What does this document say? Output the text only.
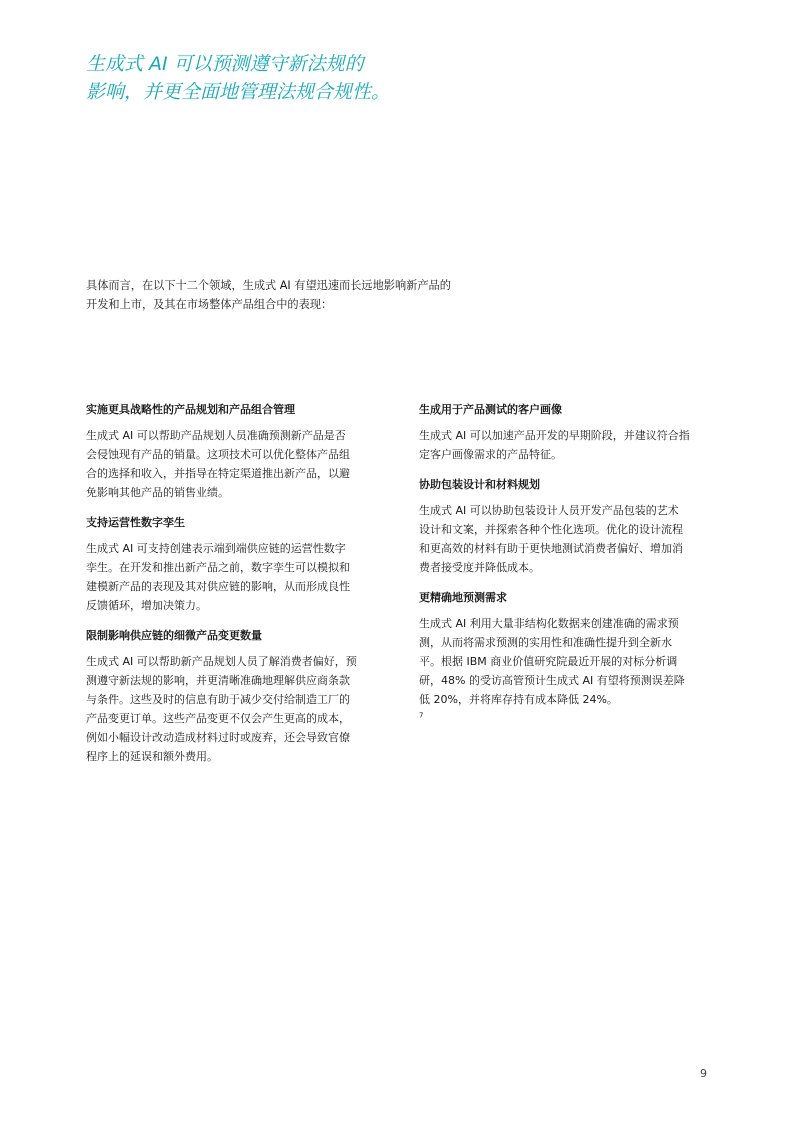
生成式 AI 可以预测遵守新法规的
影响，并更全面地管理法规合规性。

具体而言，在以下十二个领域，生成式 AI 有望迅速而长远地影响新产品的
开发和上市，及其在市场整体产品组合中的表现：

实施更具战略性的产品规划和产品组合管理

生成式 AI 可以帮助产品规划人员准确预测新产品是否
会侵蚀现有产品的销量。这项技术可以优化整体产品组
合的选择和收入，并指导在特定渠道推出新产品，以避
免影响其他产品的销售业绩。

支持运营性数字孪生

生成式 AI 可支持创建表示端到端供应链的运营性数字
孪生。在开发和推出新产品之前，数字孪生可以模拟和
建模新产品的表现及其对供应链的影响，从而形成良性
反馈循环，增加决策力。

限制影响供应链的细微产品变更数量

生成式 AI 可以帮助新产品规划人员了解消费者偏好，预
测遵守新法规的影响，并更清晰准确地理解供应商条款
与条件。这些及时的信息有助于减少交付给制造工厂的
产品变更订单。这些产品变更不仅会产生更高的成本，
例如小幅设计改动造成材料过时或废弃，还会导致官僚
程序上的延误和额外费用。

生成用于产品测试的客户画像

生成式 AI 可以加速产品开发的早期阶段，并建议符合指
定客户画像需求的产品特征。

协助包装设计和材料规划

生成式 AI 可以协助包装设计人员开发产品包装的艺术
设计和文案，并探索各种个性化选项。优化的设计流程
和更高效的材料有助于更快地测试消费者偏好、增加消
费者接受度并降低成本。

更精确地预测需求

生成式 AI 利用大量非结构化数据来创建准确的需求预
测，从而将需求预测的实用性和准确性提升到全新水
平。根据 IBM 商业价值研究院最近开展的对标分析调
研，48% 的受访高管预计生成式 AI 有望将预测误差降
低 20%，并将库存持有成本降低 24%。
$^7$

9
